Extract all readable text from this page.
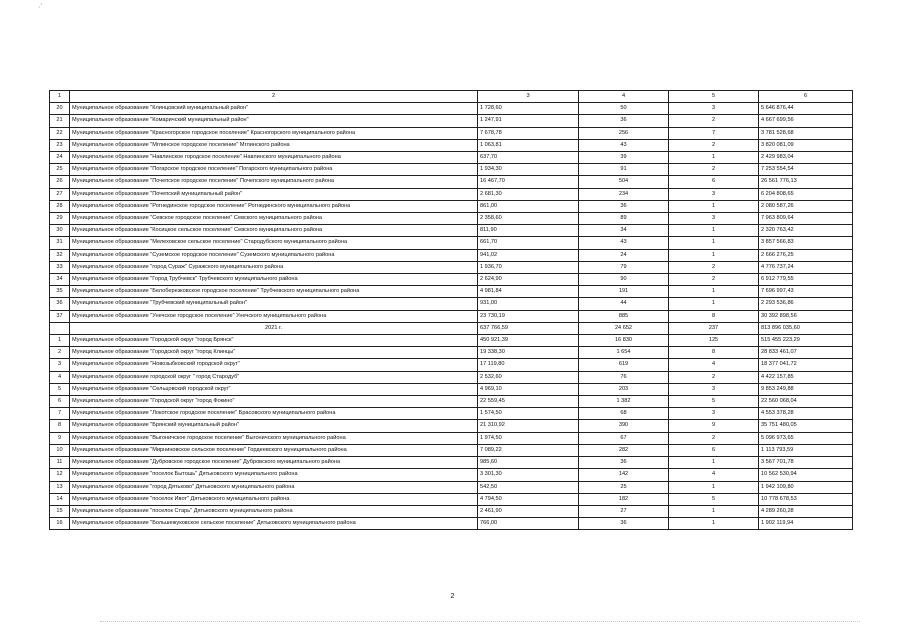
·´
1	2	3	4	5	6
20	Муниципальное образование "Клинцовский муниципальный район"	1 728,60	50	3	5 646 876,44
21	Муниципальное образование "Комаричский муниципальный район"	1 247,91	36	2	4 667 699,56
22	Муниципальное образование "Красногорское городское поселение" Красногорского муниципального района	7 678,78	256	7	3 781 528,68
23	Муниципальное образование "Мглинское городское поселение" Мглинского района	1 063,81	43	2	3 820 081,09
24	Муниципальное образование "Навлинское городское поселение" Навлинского муниципального района	637,70	39	1	2 429 983,04
25	Муниципальное образование "Погарское городское поселение" Погарского муниципального района	1 934,30	91	2	7 253 554,54
26	Муниципальное образование "Почепское городское поселение" Почепского муниципального района	16 467,70	504	6	26 561 776,13
27	Муниципальное образование "Почепский муниципальный район"	2 681,30	234	3	6 204 808,65
28	Муниципальное образование "Рогнединское городское поселение" Рогнединского муниципального района	861,00	36	1	2 080 587,26
29	Муниципальное образование "Севское городское поселение" Севского муниципального района	2 358,60	89	3	7 963 809,64
30	Муниципальное образование "Косицкое сельское поселение" Севского муниципального района	811,90	34	1	2 320 763,42
31	Муниципальное образование "Мелеховское сельское поселение" Стародубского муниципального района	661,70	43	1	3 857 566,83
32	Муниципальное образование "Суземское городское поселение" Суземского муниципального района	941,02	24	1	2 666 276,25
33	Муниципальное образование "город Сураж" Суражского муниципального района	1 936,70	79	2	4 776 737,24
34	Муниципальное образование "Город Трубчевск" Трубчевского муниципального района	2 624,90	90	2	6 912 779,55
35	Муниципальное образование "Белоберезковское городское поселение" Трубчевского муниципального района	4 981,84	191	1	7 696 997,43
36	Муниципальное образование "Трубчевский муниципальный район"	931,00	44	1	2 293 536,86
37	Муниципальное образование "Унечское городское поселение" Унечского муниципального района	23 730,19	885	8	30 392 898,56
	2021 г.	637 766,59	24 652	237	813 896 035,60
1	Муниципальное образование "Городской округ "город Брянск"	450 921,39	16 830	125	515 455 223,29
2	Муниципальное образование "Городской округ "город Клинцы"	19 338,30	1 654	8	28 833 461,07
3	Муниципальное образование "Новозыбковский городской округ"	17 119,80	619	4	18 377 041,72
4	Муниципальное образование городской округ " город Стародуб"	2 532,60	76	2	4 422 157,85
5	Муниципальное образование "Сельцовский городской округ"	4 969,10	203	3	9 853 249,88
6	Муниципальное образование "Городской округ "город Фокино"	22 559,45	1 382	5	22 560 068,04
7	Муниципальное образование "Локотское городское поселение" Брасовского муниципального района	1 574,50	68	3	4 553 378,28
8	Муниципальное образование "Брянский муниципальный район"	21 310,92	390	9	35 751 480,05
9	Муниципальное образование "Выгоничское городское поселение" Выгоничского муниципального района	1 974,50	67	2	5 096 973,65
10	Муниципальное образование "Мирниновское сельское поселение" Гордеевского муниципального района	7 089,22	282	6	1 113 793,59
11	Муниципальное образование "Дубровское городское поселение" Дубровского муниципального района	985,60	36	1	3 567 701,78
12	Муниципальное образование "поселок Бытошь" Дятьковского муниципального района	3 301,30	142	4	10 562 530,94
13	Муниципальное образование "город Дятьково" Дятьковского муниципального района	542,50	25	1	1 942 109,80
14	Муниципальное образование "поселок Ивот" Дятьковского муниципального района	4 794,50	182	5	10 778 678,53
15	Муниципальное образование "поселок Старь" Дятьковского муниципального района	2 461,90	27	1	4 289 260,28
16	Муниципальное образование "Большежуковское сельское поселение" Дятьковского муниципального района	766,00	36	1	1 902 119,94
2
